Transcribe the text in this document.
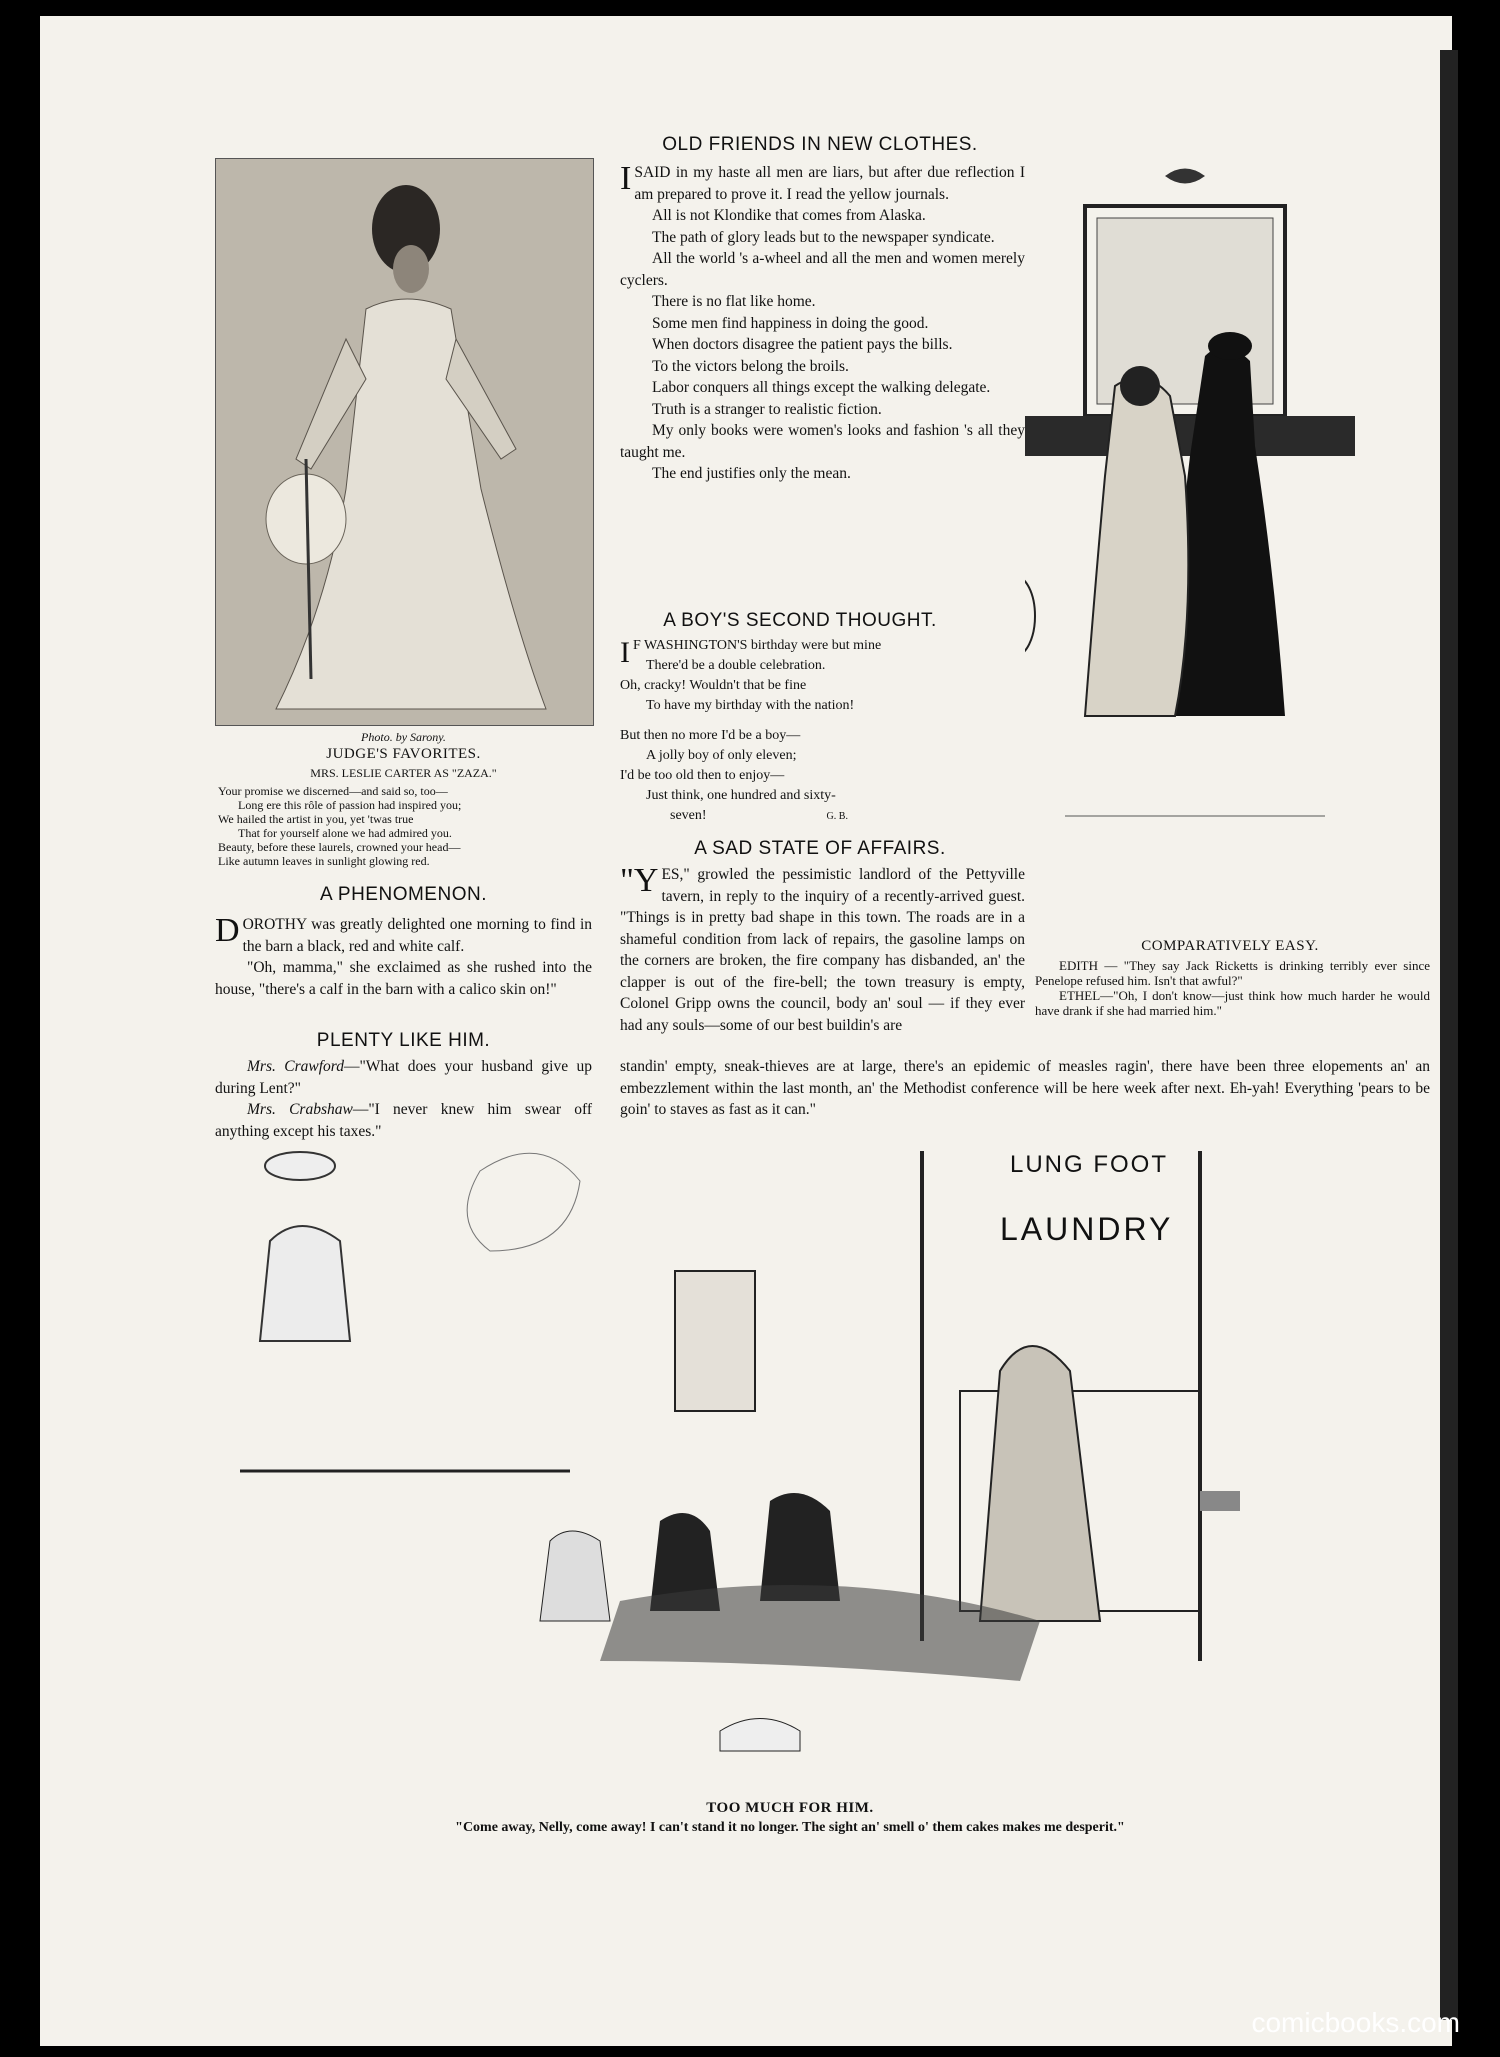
Photo. by Sarony.
JUDGE'S FAVORITES.
MRS. LESLIE CARTER AS "ZAZA."
Your promise we discerned—and said so, too—
Long ere this rôle of passion had inspired you;
We hailed the artist in you, yet 'twas true
That for yourself alone we had admired you.
Beauty, before these laurels, crowned your head—
Like autumn leaves in sunlight glowing red.
A PHENOMENON.

DOROTHY was greatly delighted one morning to find in the barn a black, red and white calf.

"Oh, mamma," she exclaimed as she rushed into the house, "there's a calf in the barn with a calico skin on!"

PLENTY LIKE HIM.

Mrs. Crawford—"What does your husband give up during Lent?"

Mrs. Crabshaw—"I never knew him swear off anything except his taxes."

OLD FRIENDS IN NEW CLOTHES.

ISAID in my haste all men are liars, but after due reflection I am prepared to prove it. I read the yellow journals.

All is not Klondike that comes from Alaska.

The path of glory leads but to the newspaper syndicate.

All the world 's a-wheel and all the men and women merely cyclers.

There is no flat like home.

Some men find happiness in doing the good.

When doctors disagree the patient pays the bills.

To the victors belong the broils.

Labor conquers all things except the walking delegate.

Truth is a stranger to realistic fiction.

My only books were women's looks and fashion 's all they taught me.

The end justifies only the mean.

A BOY'S SECOND THOUGHT.
I F WASHINGTON'S birthday were but mine
There'd be a double celebration.
Oh, cracky! Wouldn't that be fine
To have my birthday with the nation!
But then no more I'd be a boy—
A jolly boy of only eleven;
I'd be too old then to enjoy—
Just think, one hundred and sixty-
seven!	G. B.
A SAD STATE OF AFFAIRS.

"YES," growled the pessimistic landlord of the Pettyville tavern, in reply to the inquiry of a recently-arrived guest. "Things is in pretty bad shape in this town. The roads are in a shameful condition from lack of repairs, the gasoline lamps on the corners are broken, the fire company has disbanded, an' the clapper is out of the fire-bell; the town treasury is empty, Colonel Gripp owns the council, body an' soul — if they ever had any souls—some of our best buildin's are

standin' empty, sneak-thieves are at large, there's an epidemic of measles ragin', there have been three elopements an' an embezzlement within the last month, an' the Methodist conference will be here week after next. Eh-yah! Everything 'pears to be goin' to staves as fast as it can."
COMPARATIVELY EASY.
EDITH — "They say Jack Ricketts is drinking terribly ever since Penelope refused him. Isn't that awful?"
ETHEL—"Oh, I don't know—just think how much harder he would have drank if she had married him."
LUNG FOOT
LAUNDRY
TOO MUCH FOR HIM.
"Come away, Nelly, come away! I can't stand it no longer. The sight an' smell o' them cakes makes me desperit."
comicbooks.com
